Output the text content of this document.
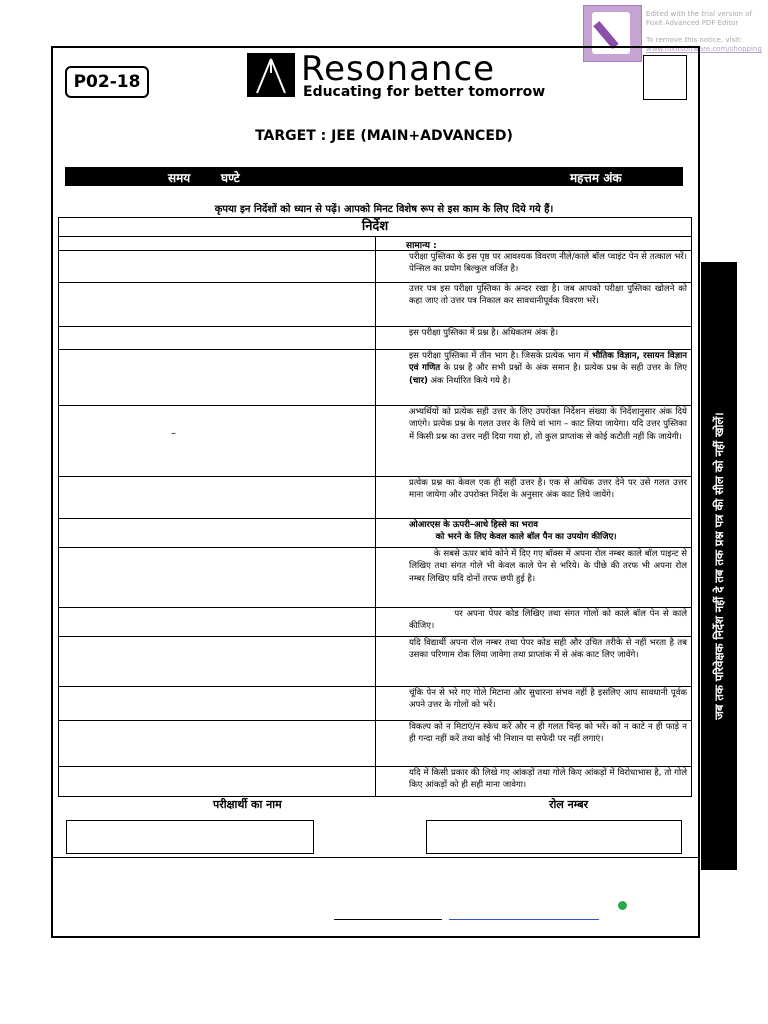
Edited with the trial version of
Foxit Advanced PDF Editor
To remove this notice, visit:
www.foxitsoftware.com/shopping
P02-18	Resonance
Educating for better tomorrow
TARGET : JEE (MAIN+ADVANCED)
समय	घण्टे	महत्तम अंक
कृपया इन निर्देशों को ध्यान से पढ़ें। आपको मिनट विशेष रूप से इस काम के लिए दिये गये हैं।
निर्देश
सामान्य :
–
परीक्षा पुस्तिका के इस पृष्ठ पर आवश्यक विवरण नीले/काले बॉल प्वाइंट पेन से तत्काल भरें। पेन्सिल का प्रयोग बिल्कुल वर्जित है।
उत्तर पत्र इस परीक्षा पुस्तिका के अन्दर रखा है। जब आपको परीक्षा पुस्तिका खोलने को कहा जाए तो उत्तर पत्र निकाल कर सावधानीपूर्वक विवरण भरें।
इस परीक्षा पुस्तिका में प्रश्न है। अधिकतम अंक है।
इस परीक्षा पुस्तिका में तीन भाग है। जिसके प्रत्येक भाग में भौतिक विज्ञान, रसायन विज्ञान एवं गणित के प्रश्न है और सभी प्रश्नों के अंक समान है। प्रत्येक प्रश्न के सही उत्तर के लिए (चार) अंक निर्धारित किये गये है।
अभ्यर्थियों को प्रत्येक सही उत्तर के लिए उपरोक्त निर्देशन संख्या के निर्देशानुसार अंक दिये जाएंगे। प्रत्येक प्रश्न के गलत उत्तर के लिये वां भाग – काट लिया जायेगा। यदि उत्तर पुस्तिका में किसी प्रश्न का उत्तर नहीं दिया गया हो, तो कुल प्राप्तांक से कोई कटौती नहीं कि जायेगी।
प्रत्येक प्रश्न का केवल एक ही सही उत्तर है। एक से अधिक उत्तर देने पर उसे गलत उत्तर माना जायेगा और उपरोक्त निर्देश के अनुसार अंक काट लिये जायेंगे।
ओआरएस के ऊपरी–आधे हिस्से का भराव
को भरने के लिए केवल काले बॉल पैन का उपयोग कीजिए।
के सबसे ऊपर बांये कोने में दिए गए बॉक्स में अपना रोल नम्बर काले बॉल पाइन्ट से लिखिए तथा संगत गोले भी केवल काले पेन से भरिये। के पीछे की तरफ भी अपना रोल नम्बर लिखिए यदि दोनों तरफ छपी हुई है।
पर अपना पेपर कोड लिखिए तथा संगत गोलों को काले बॉल पेन से काले कीजिए।
यदि विद्यार्थी अपना रोल नम्बर तथा पेपर कोड सही और उचित तरीके से नहीं भरता है तब उसका परिणाम रोक लिया जावेगा तथा प्राप्तांक में से अंक काट लिए जावेंगे।
चूंकि पेन से भरे गए गोले मिटाना और सुधारना संभव नहीं है इसलिए आप सावधानी पूर्वक अपने उत्तर के गोलों को भरें।
विकल्प को न मिटाएं/न स्केच करें और न ही गलत चिन्ह को भरें। को न काटे न ही फाड़े न ही गन्दा नहीं करें तथा कोई भी निशान या सफेदी पर नहीं लगाएं।
यदि में किसी प्रकार की लिखे गए आंकड़ों तथा गोले किए आंकड़ों में विरोधाभास है, तो गोले किए आंकड़ों को ही सही माना जावेगा।
जब तक परिवेक्षक निर्देश नहीं दे तब तक प्रश्न पत्र की सील को नहीं खोलें।
परीक्षार्थी का नाम	रोल नम्बर
